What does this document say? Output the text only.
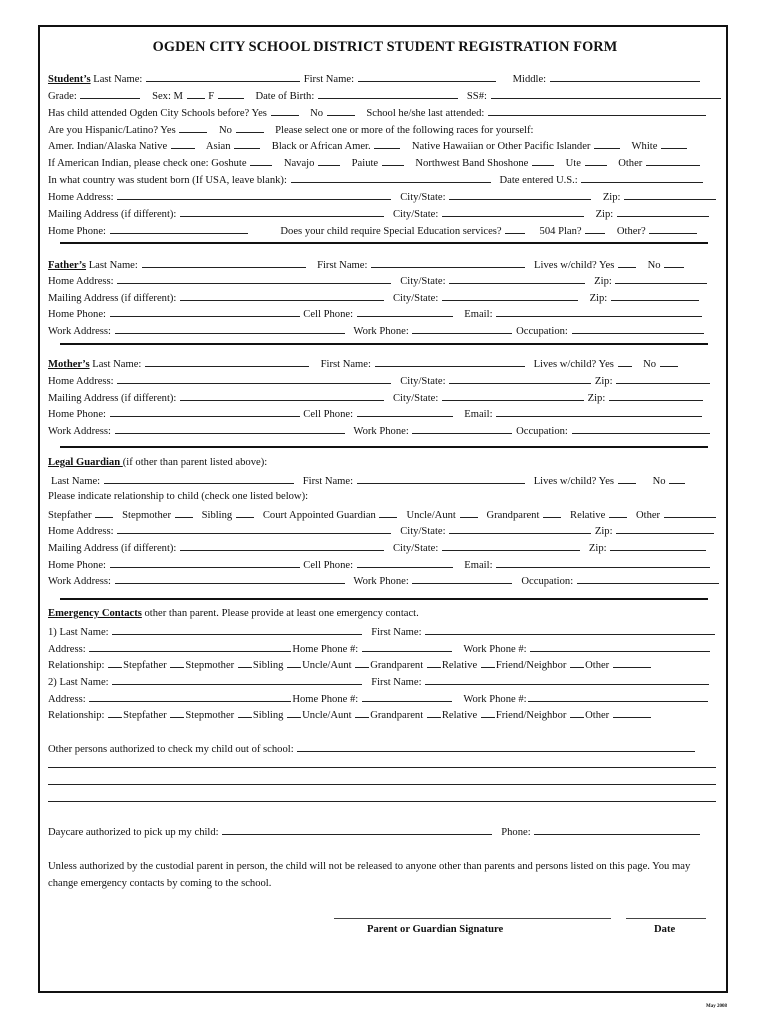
OGDEN CITY SCHOOL DISTRICT STUDENT REGISTRATION FORM
Student’s Last Name:	First Name:	Middle:
Grade:	Sex: M F	Date of Birth:	SS#:
Has child attended Ogden City Schools before? Yes	No	School he/she last attended:
Are you Hispanic/Latino? Yes	No	Please select one or more of the following races for yourself:
Amer. Indian/Alaska Native	Asian	Black or African Amer.	Native Hawaiian or Other Pacific Islander	White
If American Indian, please check one: Goshute	Navajo	Paiute	Northwest Band Shoshone	Ute	Other
In what country was student born (If USA, leave blank):	Date entered U.S.:
Home Address:	City/State:	Zip:
Mailing Address (if different):	City/State:	Zip:
Home Phone:	Does your child require Special Education services?	504 Plan?	Other?
Father’s Last Name:	First Name:	Lives w/child? Yes	No
Home Address:	City/State:	Zip:
Mailing Address (if different):	City/State:	Zip:
Home Phone:	Cell Phone:	Email:
Work Address:	Work Phone:	Occupation:
Mother’s Last Name:	First Name:	Lives w/child? Yes	No
Home Address:	City/State:	Zip:
Mailing Address (if different):	City/State:	Zip:
Home Phone:	Cell Phone:	Email:
Work Address:	Work Phone:	Occupation:
Legal Guardian (if other than parent listed above):
Last Name:	First Name:	Lives w/child? Yes	No
Please indicate relationship to child (check one listed below):
Stepfather	Stepmother	Sibling	Court Appointed Guardian	Uncle/Aunt	Grandparent	Relative	Other
Home Address:	City/State:	Zip:
Mailing Address (if different):	City/State:	Zip:
Home Phone:	Cell Phone:	Email:
Work Address:	Work Phone:	Occupation:
Emergency Contacts other than parent. Please provide at least one emergency contact.
1) Last Name:	First Name:
Address:	Home Phone #:	Work Phone #:
Relationship: Stepfather Stepmother Sibling Uncle/Aunt Grandparent Relative Friend/Neighbor Other
2) Last Name:	First Name:
Address:	Home Phone #:	Work Phone #:
Relationship: Stepfather Stepmother Sibling Uncle/Aunt Grandparent Relative Friend/Neighbor Other
Other persons authorized to check my child out of school:
Daycare authorized to pick up my child:	Phone:
Unless authorized by the custodial parent in person, the child will not be released to anyone other than parents and persons listed on this page. You may change emergency contacts by coming to the school.
Parent or Guardian Signature	Date
May 2008
